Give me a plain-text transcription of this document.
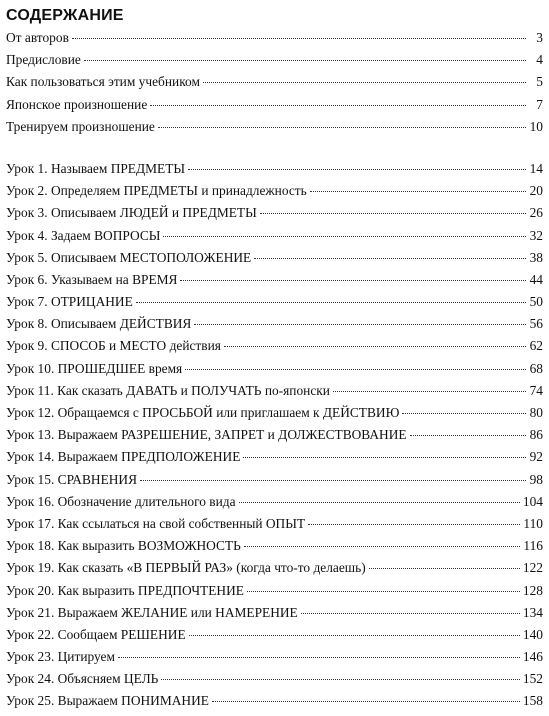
СОДЕРЖАНИЕ
От авторов	3
Предисловие	4
Как пользоваться этим учебником	5
Японское произношение	7
Тренируем произношение	10
Урок 1. Называем ПРЕДМЕТЫ	14
Урок 2. Определяем ПРЕДМЕТЫ и принадлежность	20
Урок 3. Описываем ЛЮДЕЙ и ПРЕДМЕТЫ	26
Урок 4. Задаем ВОПРОСЫ	32
Урок 5. Описываем МЕСТОПОЛОЖЕНИЕ	38
Урок 6. Указываем на ВРЕМЯ	44
Урок 7. ОТРИЦАНИЕ	50
Урок 8. Описываем ДЕЙСТВИЯ	56
Урок 9. СПОСОБ и МЕСТО действия	62
Урок 10. ПРОШЕДШЕЕ время	68
Урок 11. Как сказать ДАВАТЬ и ПОЛУЧАТЬ по-японски	74
Урок 12. Обращаемся с ПРОСЬБОЙ или приглашаем к ДЕЙСТВИЮ	80
Урок 13. Выражаем РАЗРЕШЕНИЕ, ЗАПРЕТ и ДОЛЖЕСТВОВАНИЕ	86
Урок 14. Выражаем ПРЕДПОЛОЖЕНИЕ	92
Урок 15. СРАВНЕНИЯ	98
Урок 16. Обозначение длительного вида	104
Урок 17. Как ссылаться на свой собственный ОПЫТ	110
Урок 18. Как выразить ВОЗМОЖНОСТЬ	116
Урок 19. Как сказать «В ПЕРВЫЙ РАЗ» (когда что-то делаешь)	122
Урок 20. Как выразить ПРЕДПОЧТЕНИЕ	128
Урок 21. Выражаем ЖЕЛАНИЕ или НАМЕРЕНИЕ	134
Урок 22. Сообщаем РЕШЕНИЕ	140
Урок 23. Цитируем	146
Урок 24. Объясняем ЦЕЛЬ	152
Урок 25. Выражаем ПОНИМАНИЕ	158
